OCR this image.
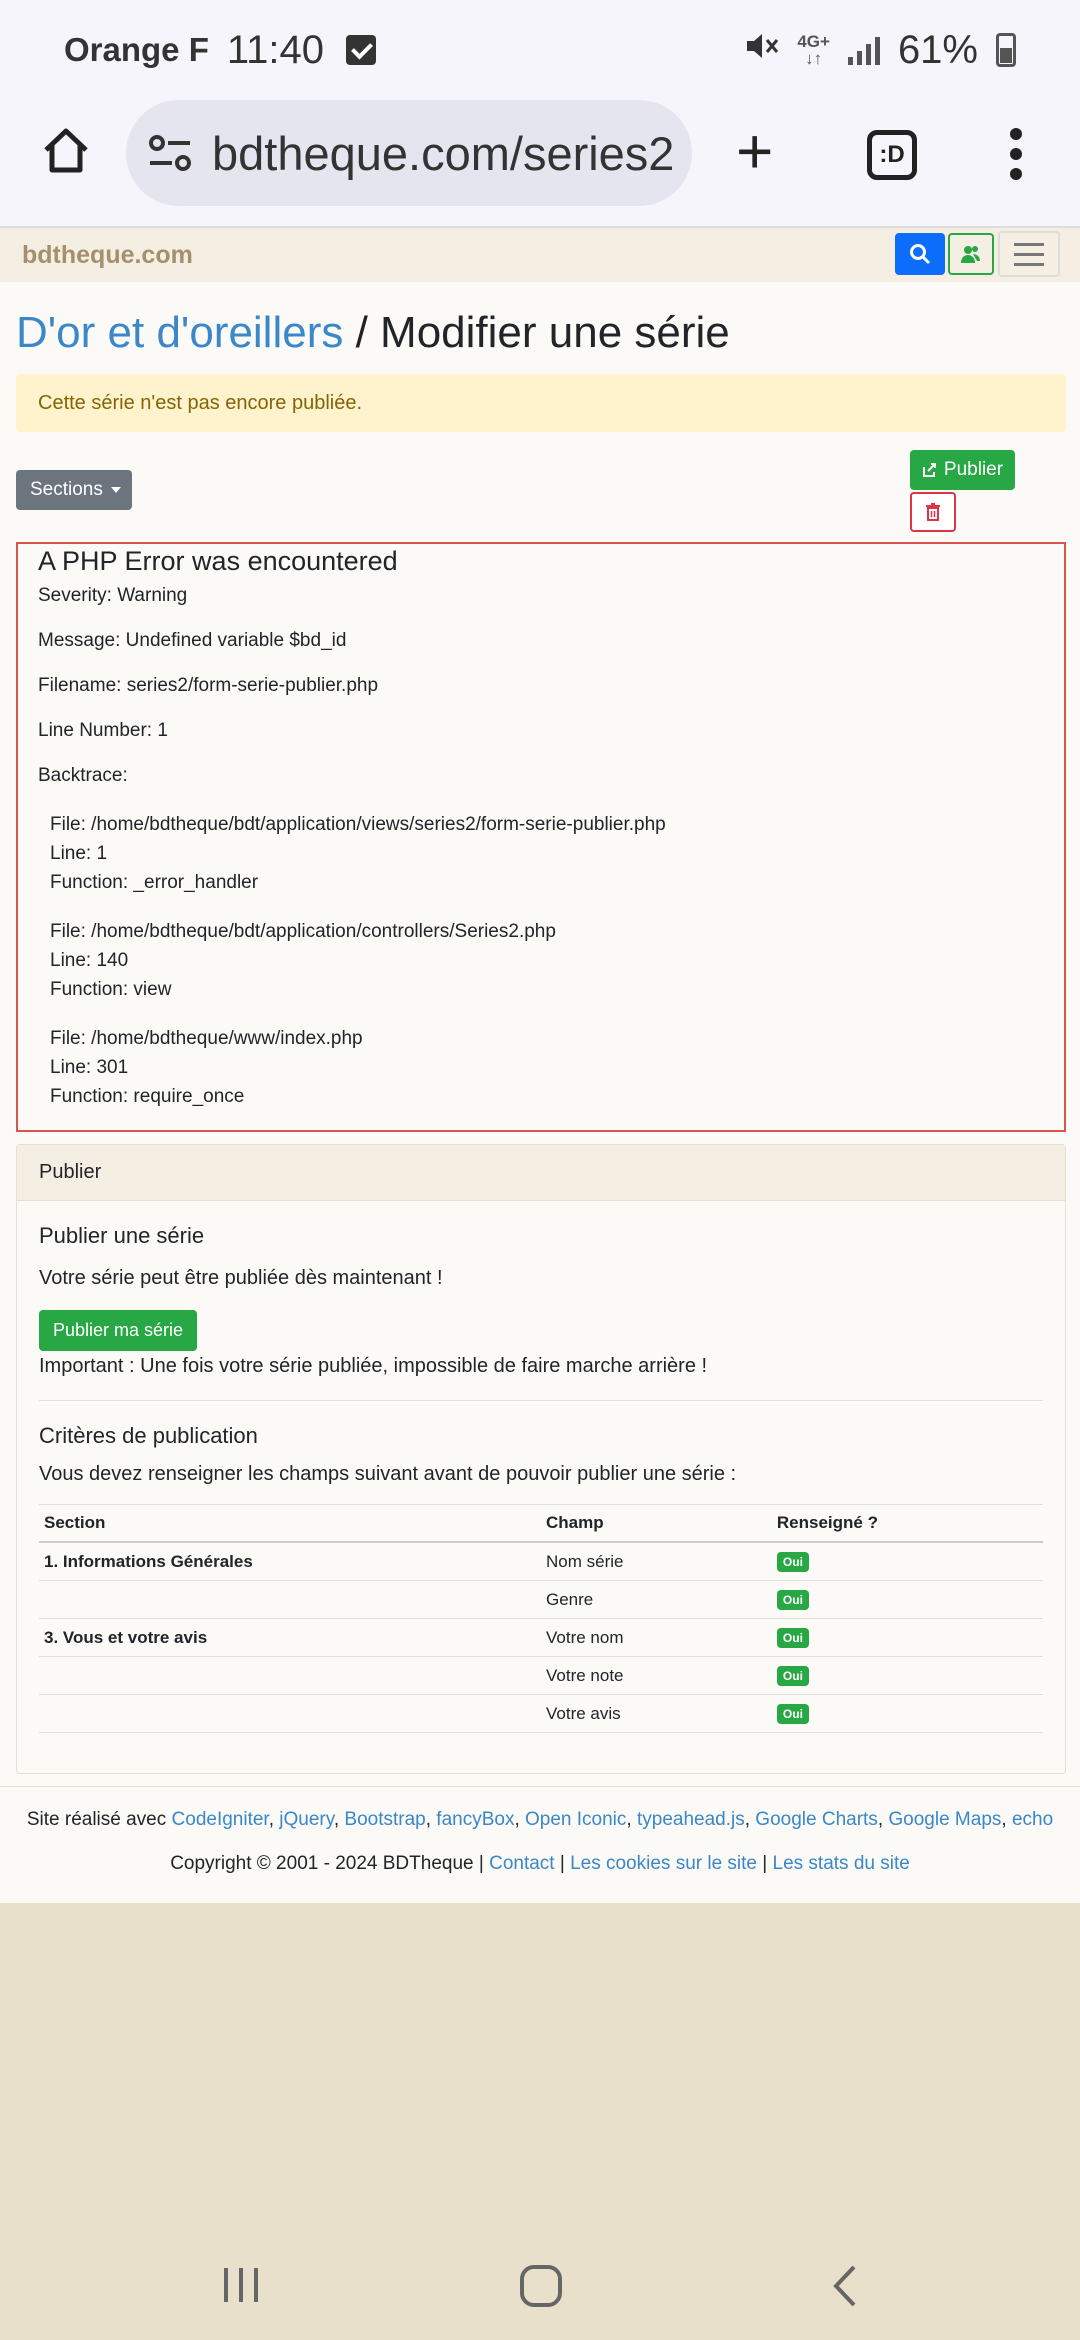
Orange F 11:40	4G+
↓↑ 61%
bdtheque.com/series2 +	:D
bdtheque.com
D'or et d'oreillers / Modifier une série
Cette série n'est pas encore publiée.
Sections
Publier
A PHP Error was encountered

Severity: Warning

Message: Undefined variable $bd_id

Filename: series2/form-serie-publier.php

Line Number: 1

Backtrace:

File: /home/bdtheque/bdt/application/views/series2/form-serie-publier.php
Line: 1
Function: _error_handler
File: /home/bdtheque/bdt/application/controllers/Series2.php
Line: 140
Function: view
File: /home/bdtheque/www/index.php
Line: 301
Function: require_once
Publier
Publier une série

Votre série peut être publiée dès maintenant !

Publier ma série

Important : Une fois votre série publiée, impossible de faire marche arrière !

Critères de publication

Vous devez renseigner les champs suivant avant de pouvoir publier une série :

Section	Champ	Renseigné ?
1. Informations Générales	Nom série	Oui
	Genre	Oui
3. Vous et votre avis	Votre nom	Oui
	Votre note	Oui
	Votre avis	Oui
Site réalisé avec CodeIgniter, jQuery, Bootstrap, fancyBox, Open Iconic, typeahead.js, Google Charts, Google Maps, echo
Copyright © 2001 - 2024 BDTheque | Contact | Les cookies sur le site | Les stats du site
